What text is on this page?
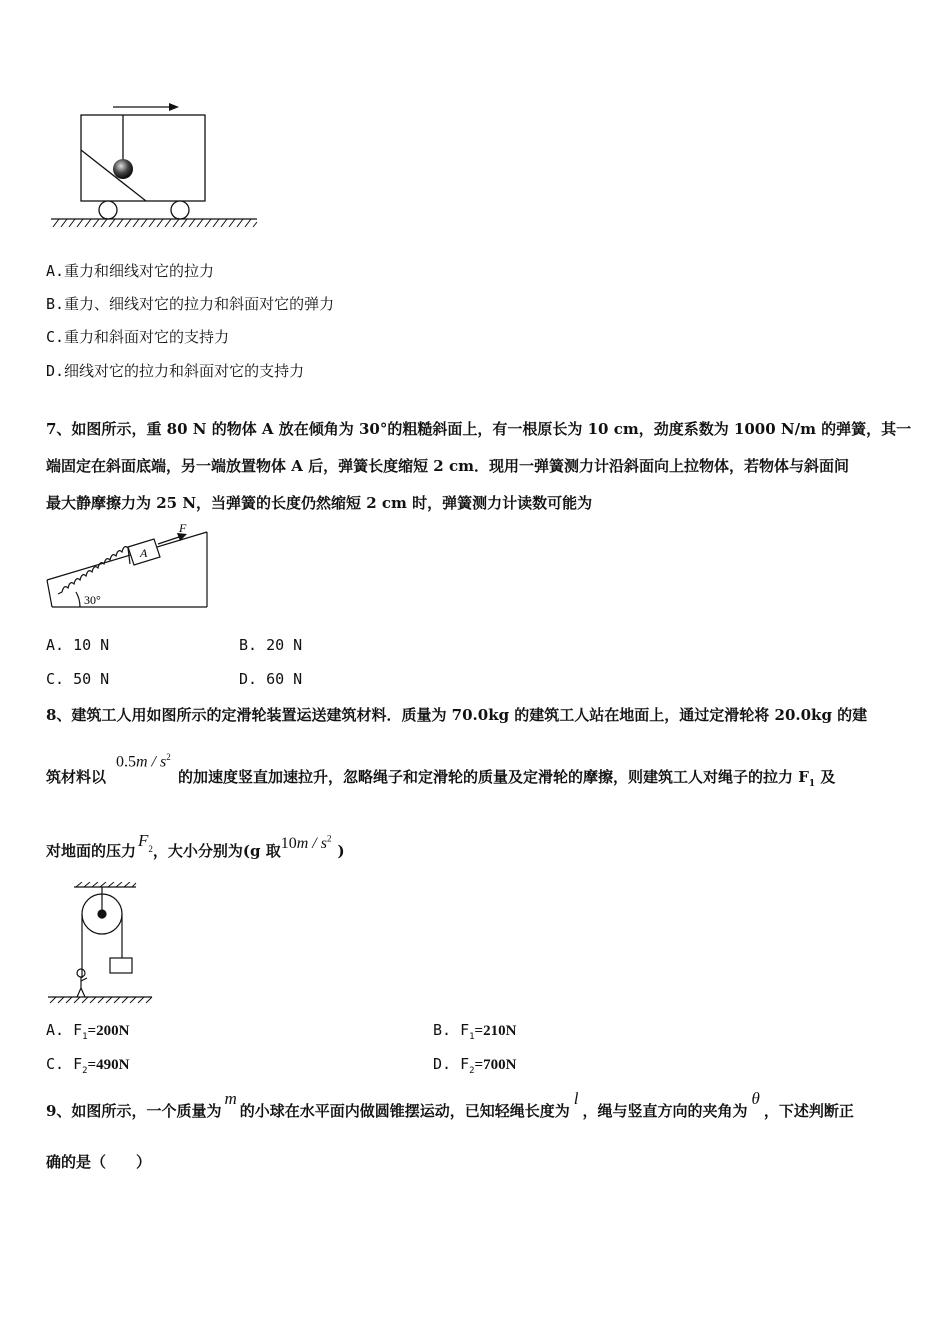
A.重力和细线对它的拉力
B.重力、细线对它的拉力和斜面对它的弹力
C.重力和斜面对它的支持力
D.细线对它的拉力和斜面对它的支持力
7、如图所示，重 80 N 的物体 A 放在倾角为 30°的粗糙斜面上，有一根原长为 10 cm，劲度系数为 1000 N/m 的弹簧，其一
端固定在斜面底端，另一端放置物体 A 后，弹簧长度缩短 2 cm．现用一弹簧测力计沿斜面向上拉物体，若物体与斜面间
最大静摩擦力为 25 N，当弹簧的长度仍然缩短 2 cm 时，弹簧测力计读数可能为
A
F
30°
A. 10 N	B. 20 N
C. 50 N	D. 60 N
8、建筑工人用如图所示的定滑轮装置运送建筑材料．质量为 70.0kg 的建筑工人站在地面上，通过定滑轮将 20.0kg 的建
筑材料以	的加速度竖直加速拉升，忽略绳子和定滑轮的质量及定滑轮的摩擦，则建筑工人对绳子的拉力 $F_1$ 及
$0.5m / s^2$
对地面的压力$F_2$，大小分别为(g 取$10m / s^2$)
A. $F_1=200N$	B. $F_1=210N$
C. $F_2=490N$	D. $F_2=700N$
9、如图所示，一个质量为m的小球在水平面内做圆锥摆运动，已知轻绳长度为l，绳与竖直方向的夹角为θ，下述判断正
确的是（　　）
